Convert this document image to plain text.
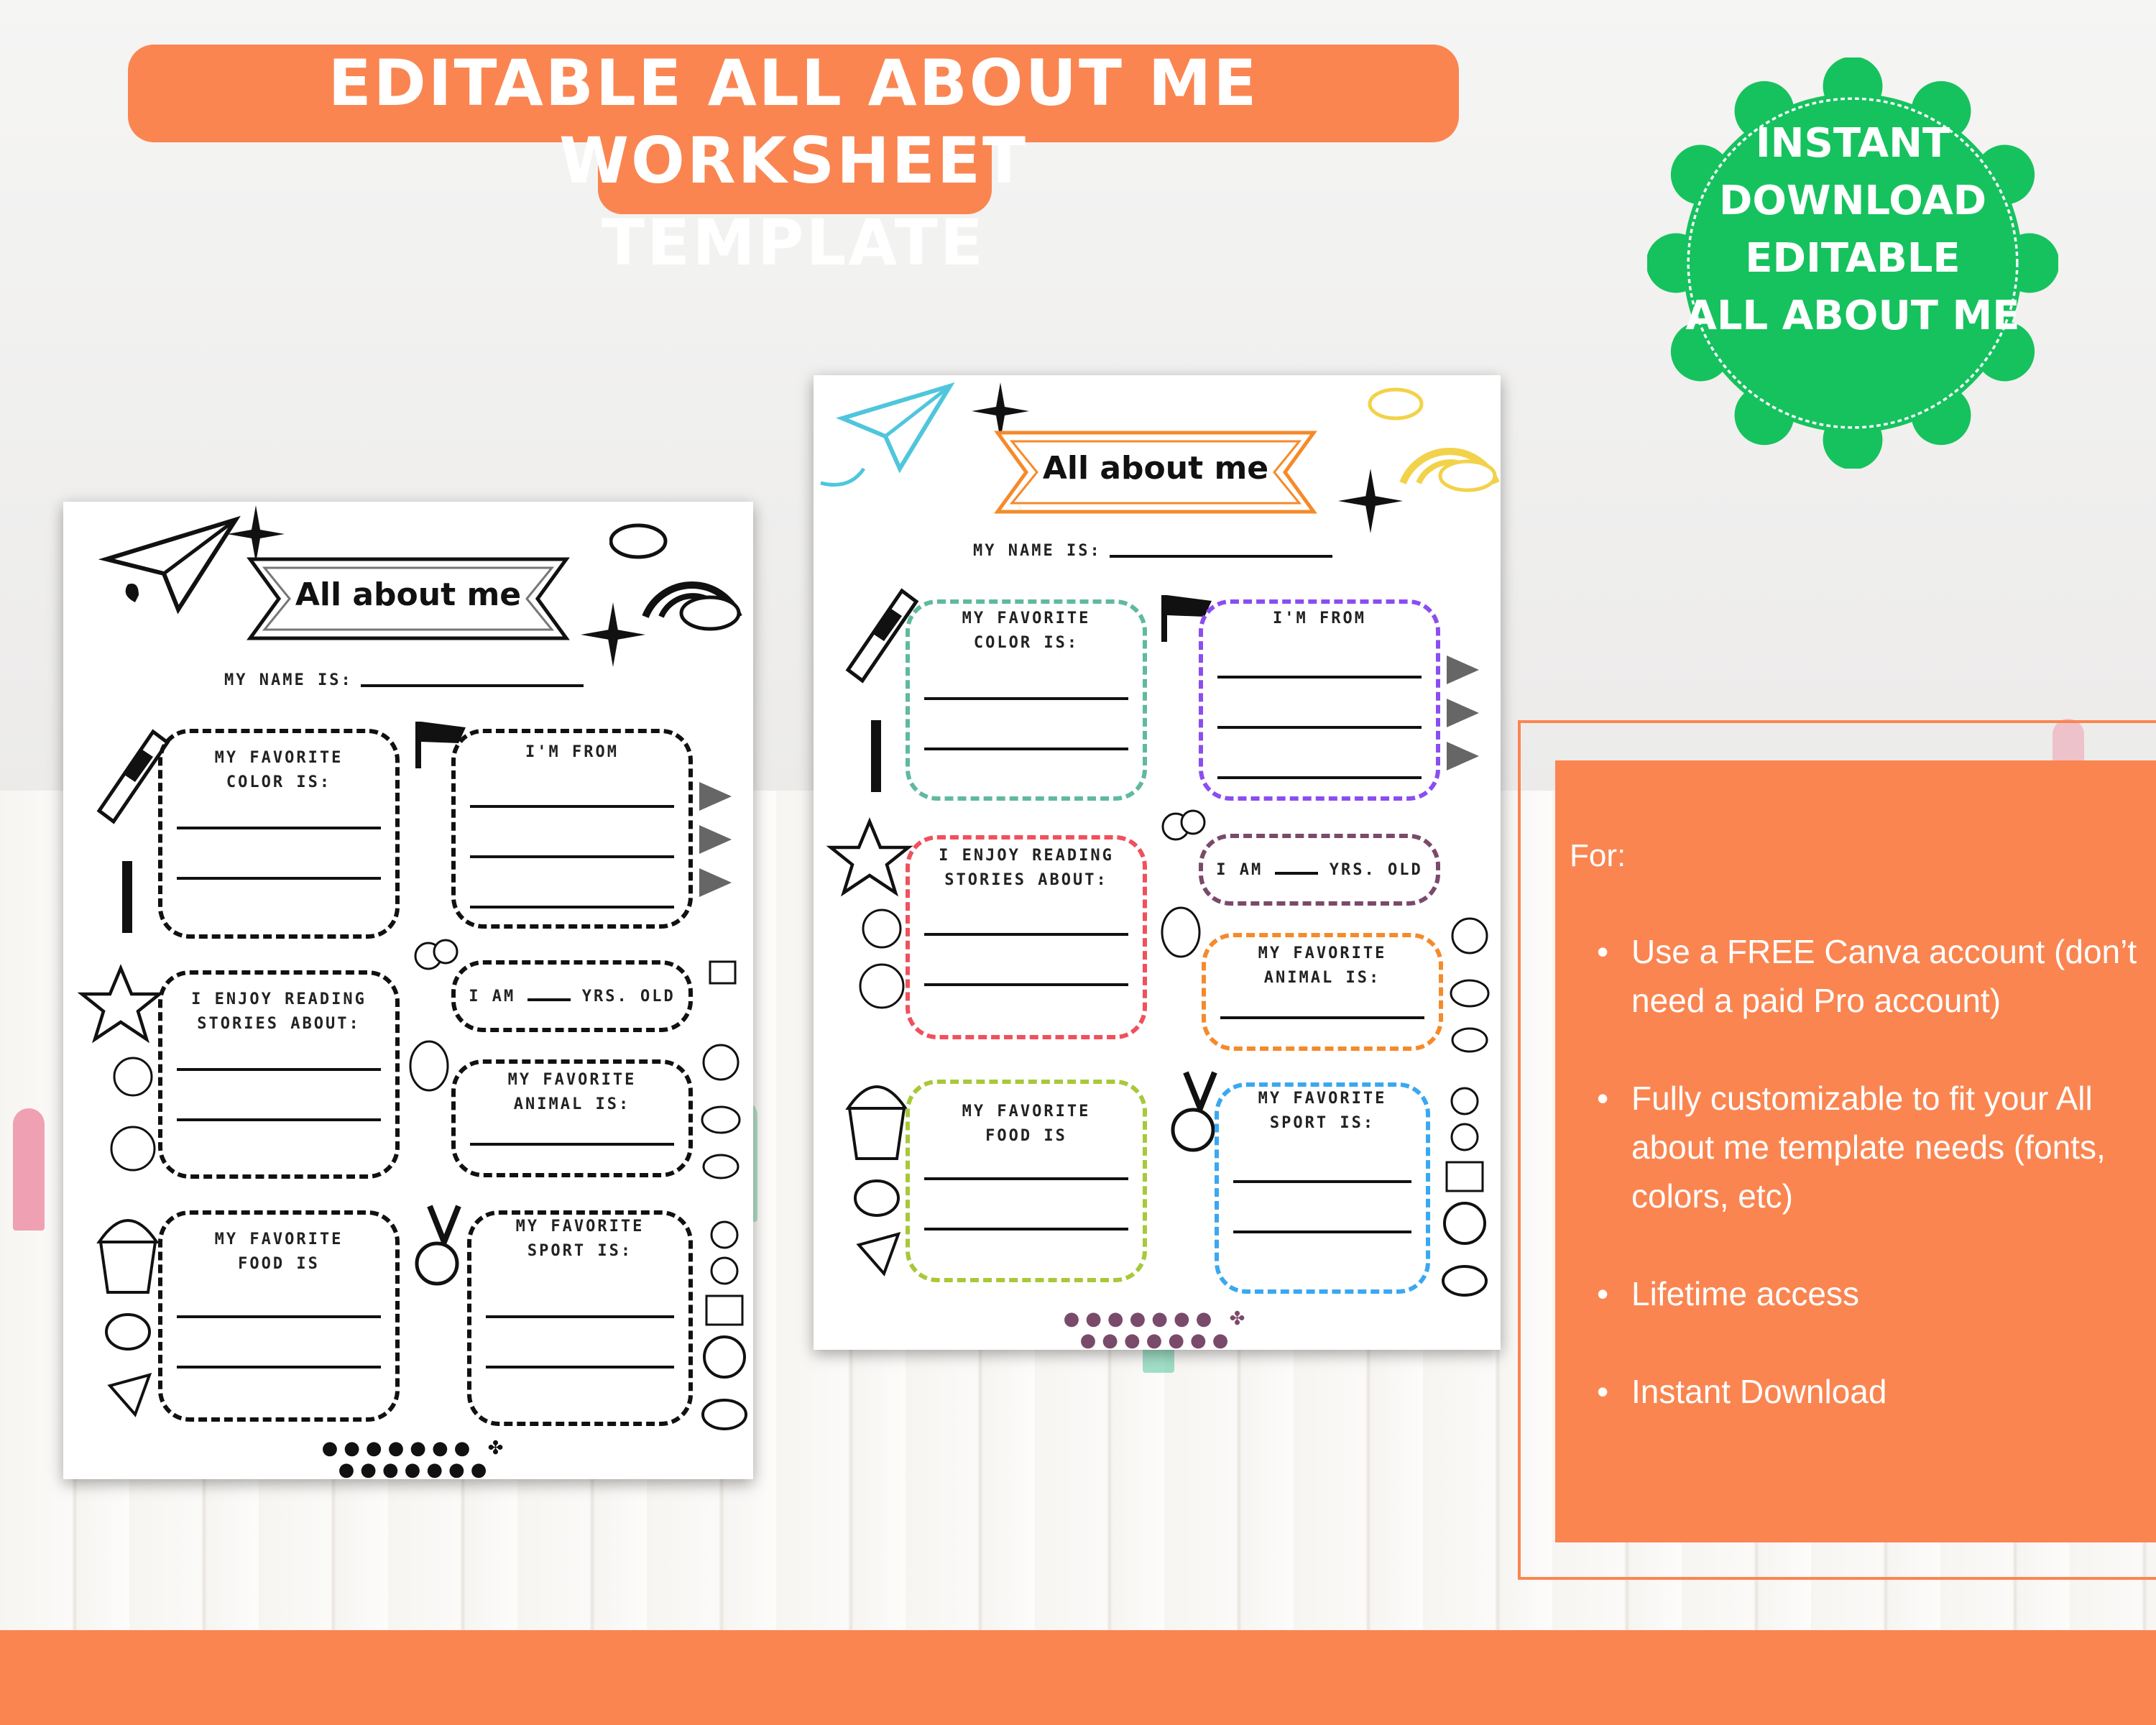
EDITABLE ALL ABOUT ME WORKSHEET
TEMPLATE
INSTANT
DOWNLOAD
EDITABLE
ALL ABOUT ME
All about me
MY NAME IS:
MY FAVORITE COLOR IS:
I'M FROM
I ENJOY READING STORIES ABOUT:
I AM	YRS. OLD
MY FAVORITE ANIMAL IS:
MY FAVORITE FOOD IS
MY FAVORITE SPORT IS:
●●●●●●● ✤ ●●●●●●●
All about me
MY NAME IS:
MY FAVORITE COLOR IS:
I'M FROM
I ENJOY READING STORIES ABOUT:
I AM	YRS. OLD
MY FAVORITE ANIMAL IS:
MY FAVORITE FOOD IS
MY FAVORITE SPORT IS:
●●●●●●● ✤ ●●●●●●●
For:
• Use a FREE Canva account (don’t need a paid Pro account)
• Fully customizable to fit your All about me template needs (fonts, colors, etc)
• Lifetime access
• Instant Download
